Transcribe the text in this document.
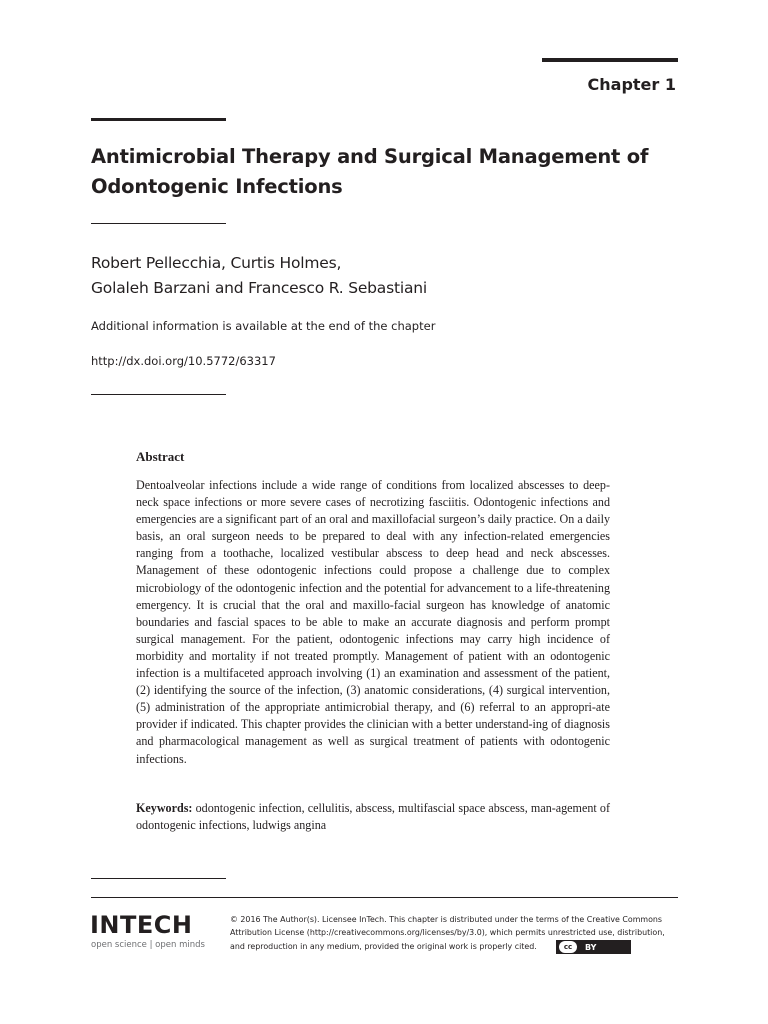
Chapter 1
Antimicrobial Therapy and Surgical Management of
Odontogenic Infections
Robert Pellecchia, Curtis Holmes,
Golaleh Barzani and Francesco R. Sebastiani
Additional information is available at the end of the chapter
http://dx.doi.org/10.5772/63317
Abstract

Dentoalveolar infections include a wide range of conditions from localized abscesses to deep-neck space infections or more severe cases of necrotizing fasciitis. Odontogenic infections and emergencies are a significant part of an oral and maxillofacial surgeon’s daily practice. On a daily basis, an oral surgeon needs to be prepared to deal with any infection-related emergencies ranging from a toothache, localized vestibular abscess to deep head and neck abscesses. Management of these odontogenic infections could propose a challenge due to complex microbiology of the odontogenic infection and the potential for advancement to a life-threatening emergency. It is crucial that the oral and maxillo-facial surgeon has knowledge of anatomic boundaries and fascial spaces to be able to make an accurate diagnosis and perform prompt surgical management. For the patient, odontogenic infections may carry high incidence of morbidity and mortality if not treated promptly. Management of patient with an odontogenic infection is a multifaceted approach involving (1) an examination and assessment of the patient, (2) identifying the source of the infection, (3) anatomic considerations, (4) surgical intervention, (5) administration of the appropriate antimicrobial therapy, and (6) referral to an appropri-ate provider if indicated. This chapter provides the clinician with a better understand-ing of diagnosis and pharmacological management as well as surgical treatment of patients with odontogenic infections.

Keywords: odontogenic infection, cellulitis, abscess, multifascial space abscess, man-agement of odontogenic infections, ludwigs angina

INTECH
open science | open minds

© 2016 The Author(s). Licensee InTech. This chapter is distributed under the terms of the Creative Commons
Attribution License (http://creativecommons.org/licenses/by/3.0), which permits unrestricted use, distribution,
and reproduction in any medium, provided the original work is properly cited.	cc	BY
